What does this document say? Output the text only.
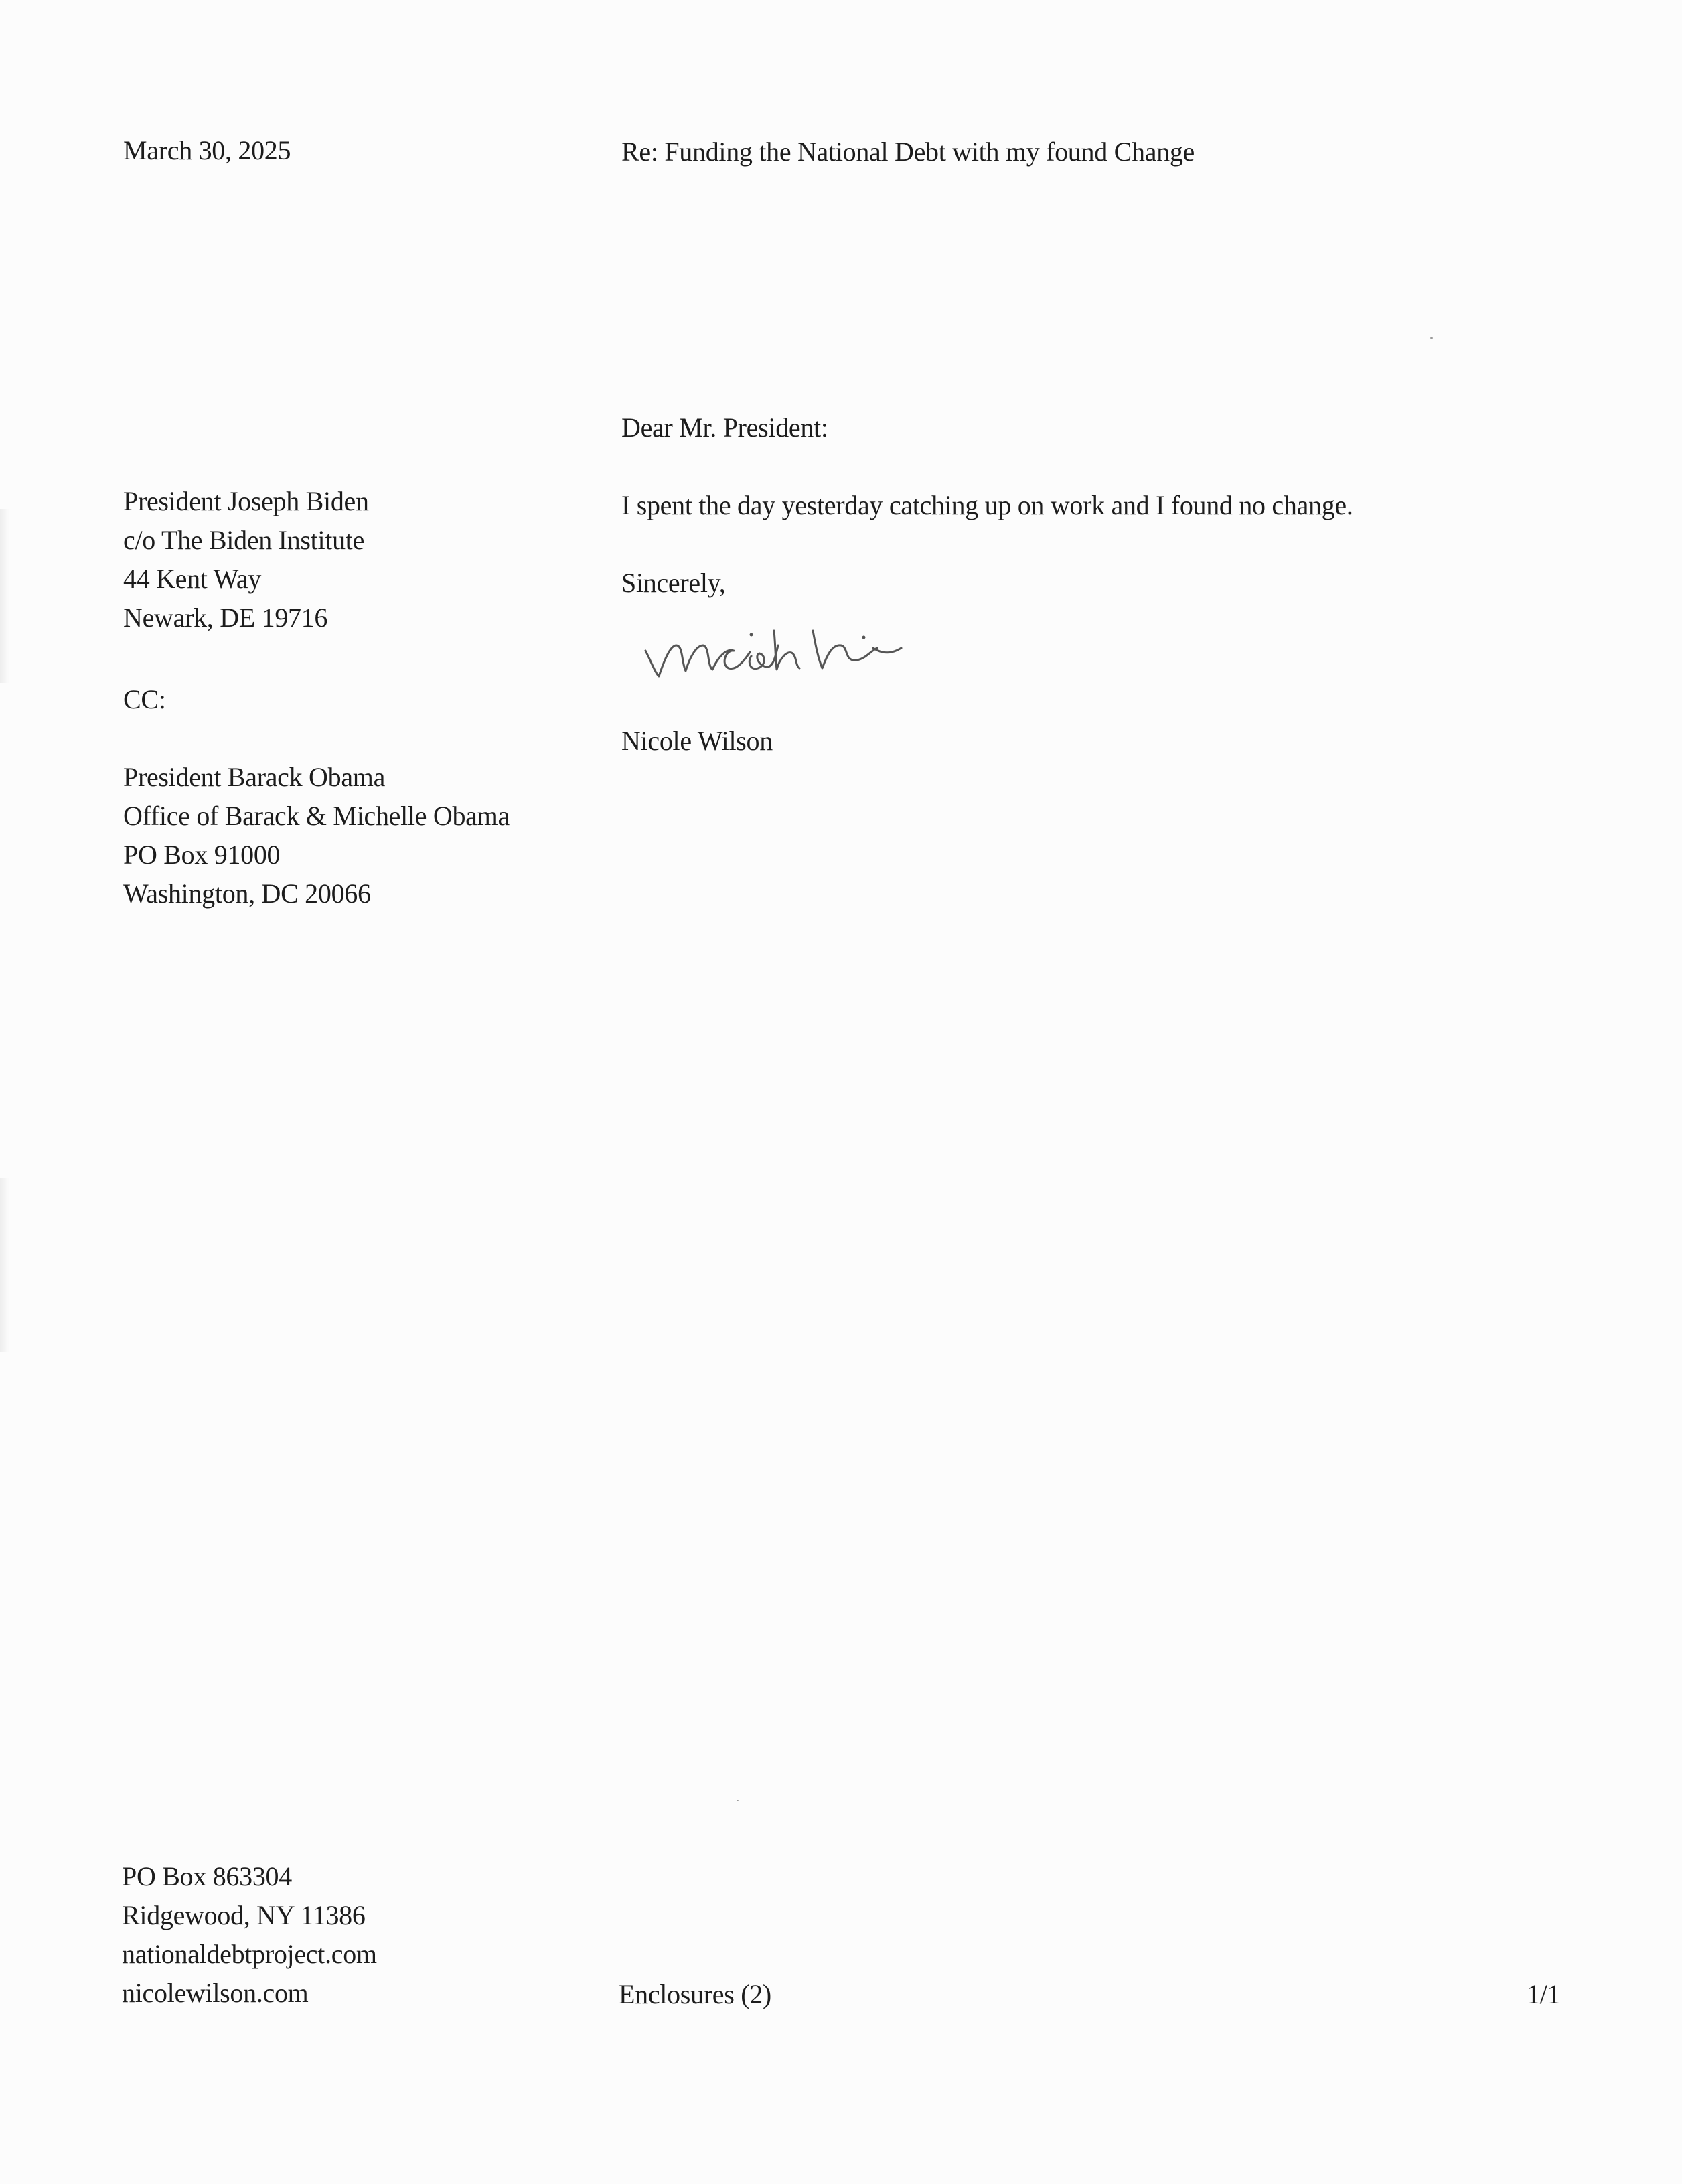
March 30, 2025	Re: Funding the National Debt with my found Change
Dear Mr. President:
President Joseph Biden
c/o The Biden Institute
44 Kent Way
Newark, DE 19716
I spent the day yesterday catching up on work and I found no change.
Sincerely,
CC:
Nicole Wilson
President Barack Obama
Office of Barack & Michelle Obama
PO Box 91000
Washington, DC 20066
PO Box 863304
Ridgewood, NY 11386
nationaldebtproject.com
nicolewilson.com	Enclosures (2)	1/1
